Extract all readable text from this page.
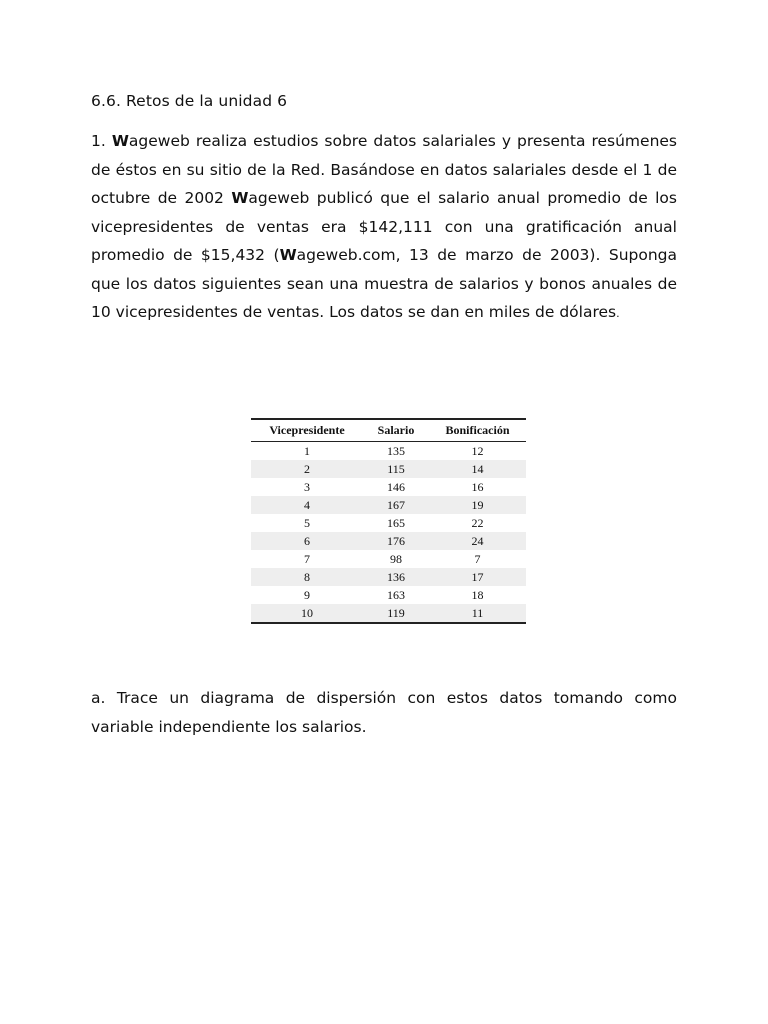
6.6. Retos de la unidad 6

1. Wageweb realiza estudios sobre datos salariales y presenta resúmenes de éstos en su sitio de la Red. Basándose en datos salariales desde el 1 de octubre de 2002 Wageweb publicó que el salario anual promedio de los vicepresidentes de ventas era $142,111 con una gratificación anual promedio de $15,432 (Wageweb.com, 13 de marzo de 2003). Suponga que los datos siguientes sean una muestra de salarios y bonos anuales de 10 vicepresidentes de ventas. Los datos se dan en miles de dólares.

Vicepresidente	Salario	Bonificación
1	135	12
2	115	14
3	146	16
4	167	19
5	165	22
6	176	24
7	98	7
8	136	17
9	163	18
10	119	11

a. Trace un diagrama de dispersión con estos datos tomando como variable independiente los salarios.
